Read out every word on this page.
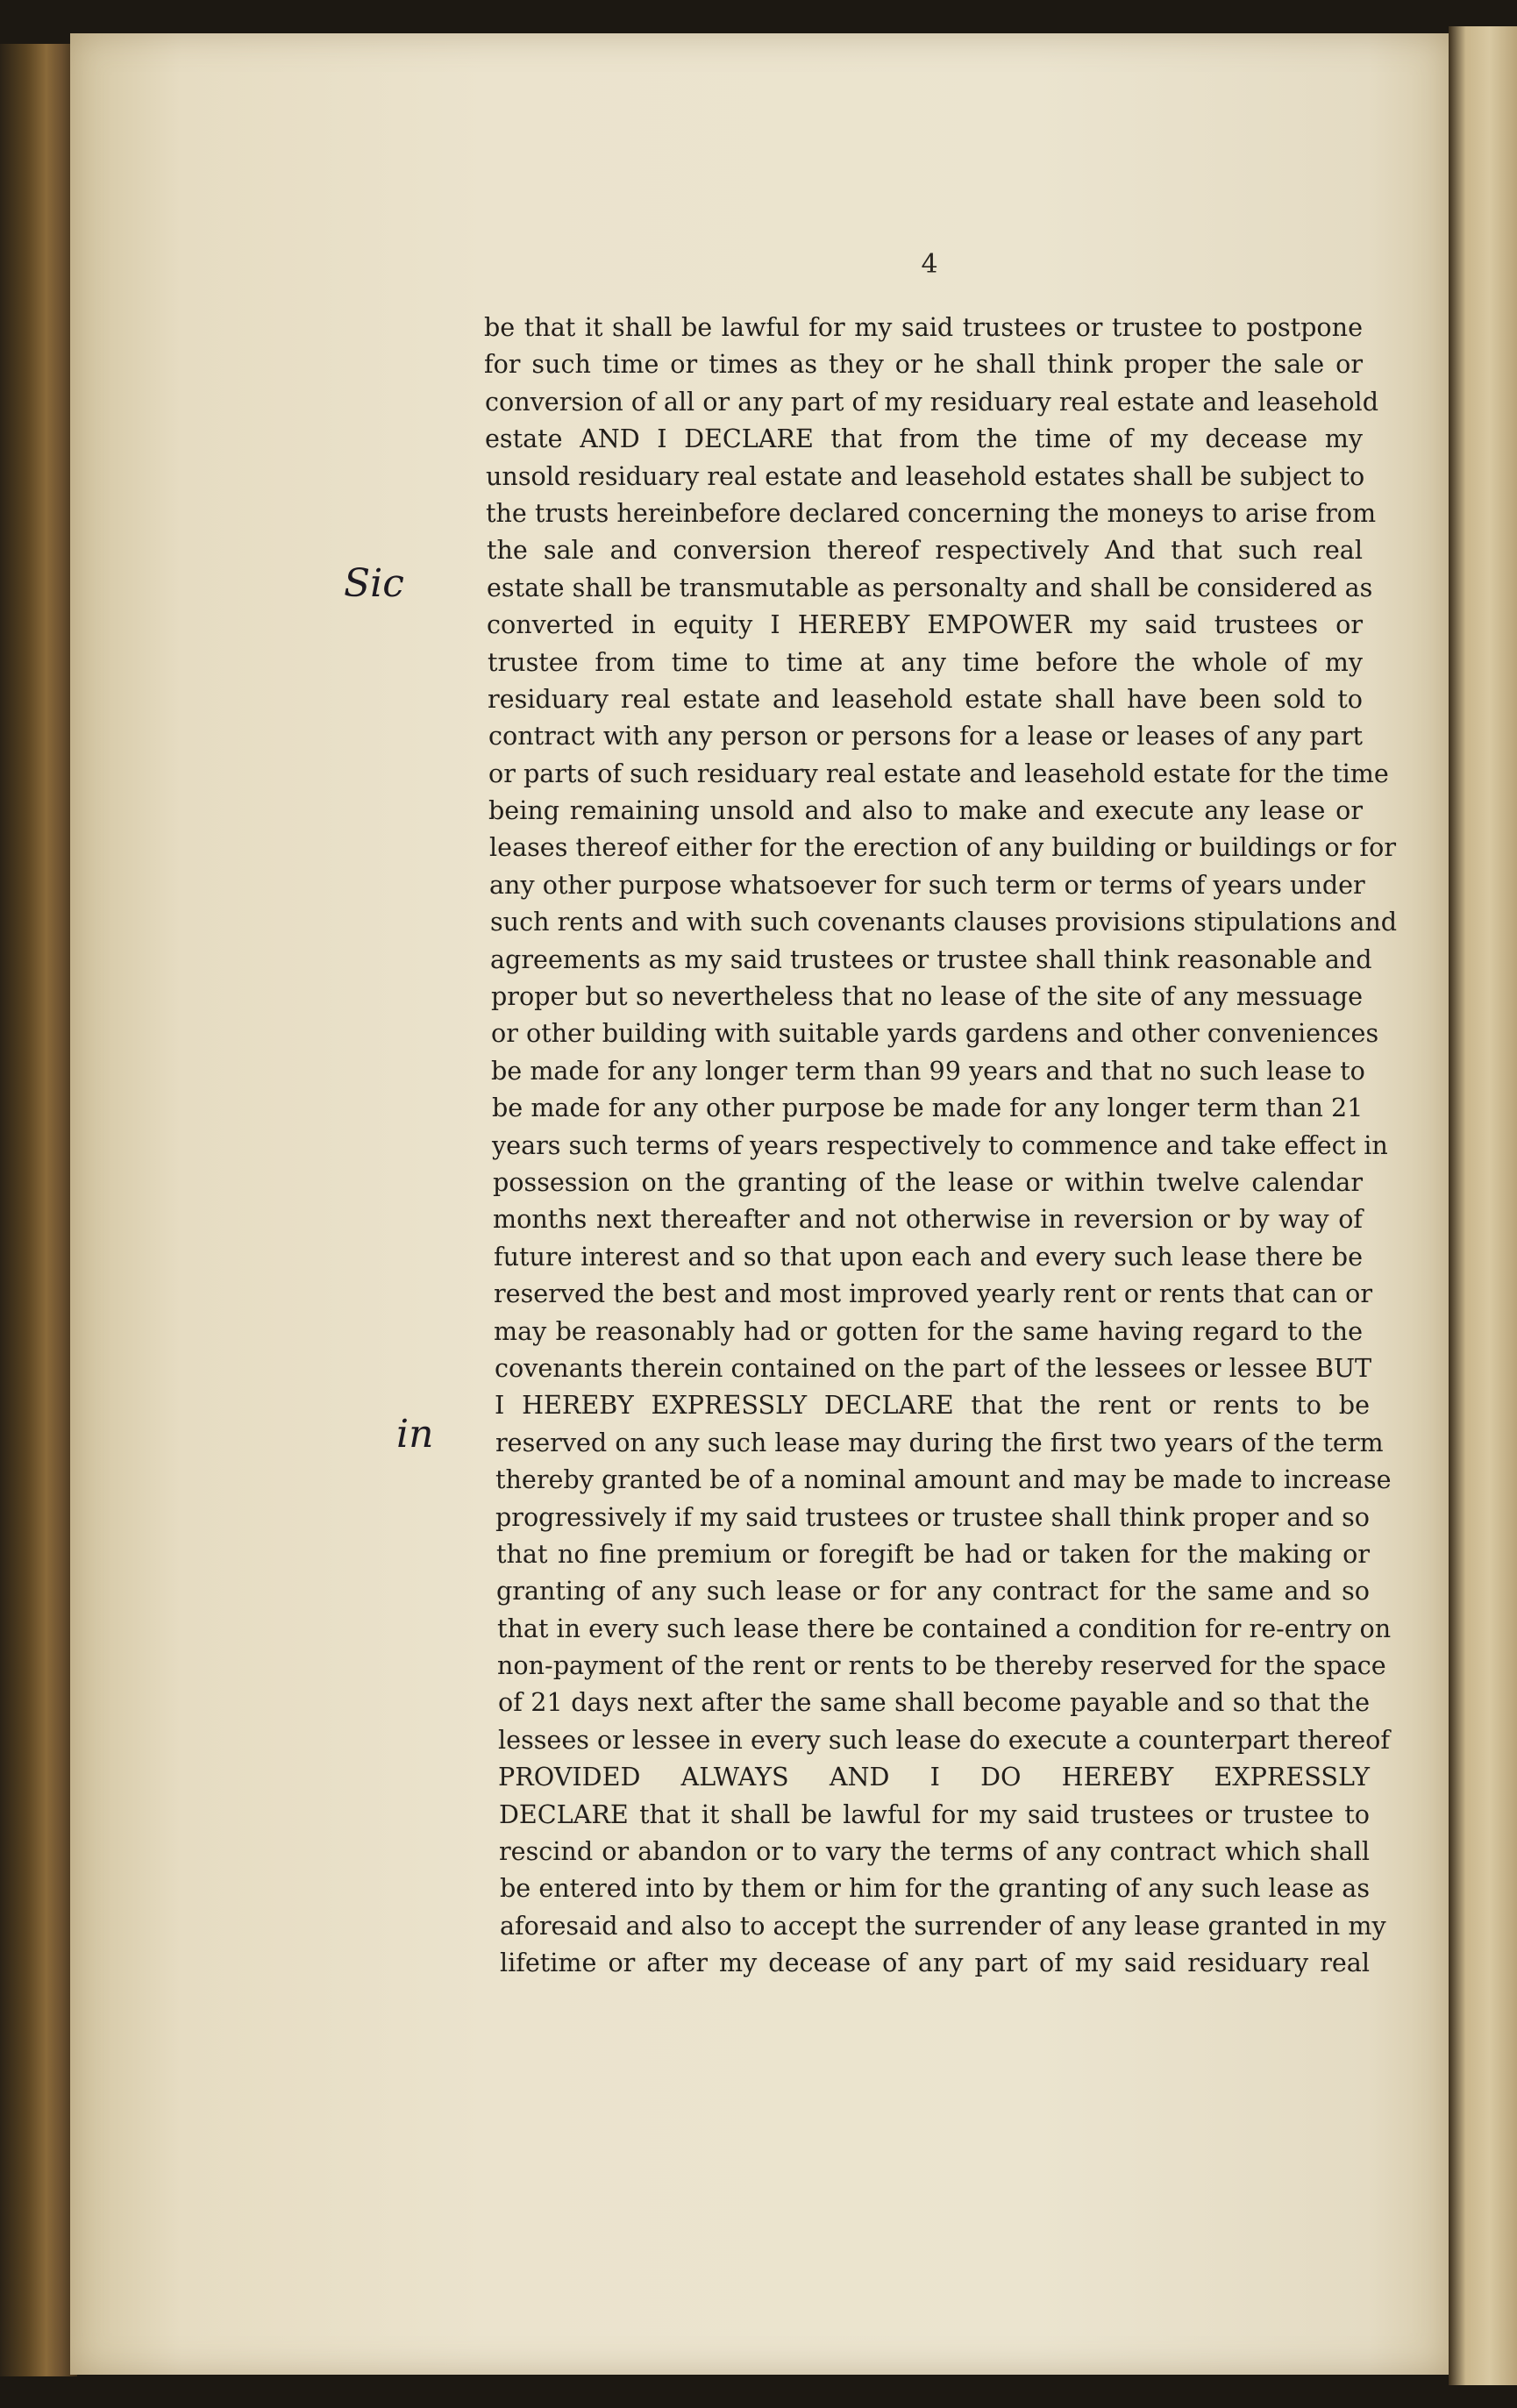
4
Sic
in
be that it shall be lawful for my said trustees or trustee to postpone
for such time or times as they or he shall think proper the sale or
conversion of all or any part of my residuary real estate and leasehold
estate AND I DECLARE that from the time of my decease my
unsold residuary real estate and leasehold estates shall be subject to
the trusts hereinbefore declared concerning the moneys to arise from
the sale and conversion thereof respectively And that such real
estate shall be transmutable as personalty and shall be considered as
converted in equity I HEREBY EMPOWER my said trustees or
trustee from time to time at any time before the whole of my
residuary real estate and leasehold estate shall have been sold to
contract with any person or persons for a lease or leases of any part
or parts of such residuary real estate and leasehold estate for the time
being remaining unsold and also to make and execute any lease or
leases thereof either for the erection of any building or buildings or for
any other purpose whatsoever for such term or terms of years under
such rents and with such covenants clauses provisions stipulations and
agreements as my said trustees or trustee shall think reasonable and
proper but so nevertheless that no lease of the site of any messuage
or other building with suitable yards gardens and other conveniences
be made for any longer term than 99 years and that no such lease to
be made for any other purpose be made for any longer term than 21
years such terms of years respectively to commence and take effect in
possession on the granting of the lease or within twelve calendar
months next thereafter and not otherwise in reversion or by way of
future interest and so that upon each and every such lease there be
reserved the best and most improved yearly rent or rents that can or
may be reasonably had or gotten for the same having regard to the
covenants therein contained on the part of the lessees or lessee BUT
I HEREBY EXPRESSLY DECLARE that the rent or rents to be
reserved on any such lease may during the first two years of the term
thereby granted be of a nominal amount and may be made to increase
progressively if my said trustees or trustee shall think proper and so
that no fine premium or foregift be had or taken for the making or
granting of any such lease or for any contract for the same and so
that in every such lease there be contained a condition for re-entry on
non-payment of the rent or rents to be thereby reserved for the space
of 21 days next after the same shall become payable and so that the
lessees or lessee in every such lease do execute a counterpart thereof
PROVIDED ALWAYS AND I DO HEREBY EXPRESSLY
DECLARE that it shall be lawful for my said trustees or trustee to
rescind or abandon or to vary the terms of any contract which shall
be entered into by them or him for the granting of any such lease as
aforesaid and also to accept the surrender of any lease granted in my
lifetime or after my decease of any part of my said residuary real
